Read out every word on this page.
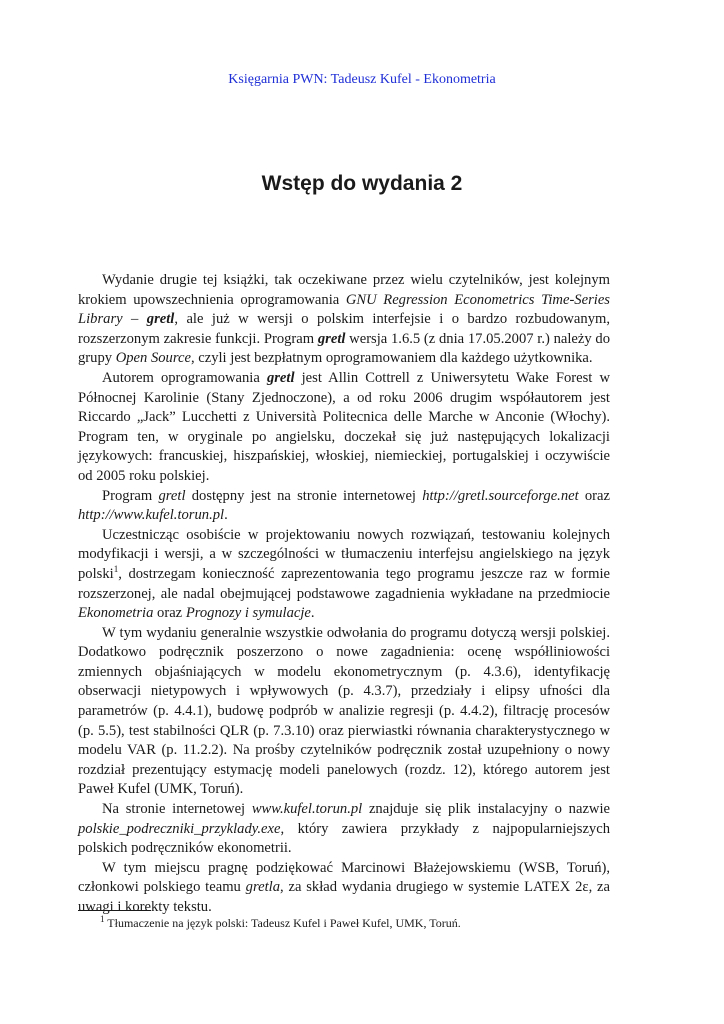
Księgarnia PWN: Tadeusz Kufel - Ekonometria
Wstęp do wydania 2

Wydanie drugie tej książki, tak oczekiwane przez wielu czytelników, jest kolejnym krokiem upowszechnienia oprogramowania GNU Regression Econometrics Time-Series Library – gretl, ale już w wersji o polskim interfejsie i o bardzo rozbudowanym, rozszerzonym zakresie funkcji. Program gretl wersja 1.6.5 (z dnia 17.05.2007 r.) należy do grupy Open Source, czyli jest bezpłatnym oprogramowaniem dla każdego użytkownika.

Autorem oprogramowania gretl jest Allin Cottrell z Uniwersytetu Wake Forest w Północnej Karolinie (Stany Zjednoczone), a od roku 2006 drugim współautorem jest Riccardo „Jack” Lucchetti z Università Politecnica delle Marche w Anconie (Włochy). Program ten, w oryginale po angielsku, doczekał się już następujących lokalizacji językowych: francuskiej, hiszpańskiej, włoskiej, niemieckiej, portugalskiej i oczywiście od 2005 roku polskiej.

Program gretl dostępny jest na stronie internetowej http://gretl.sourceforge.net oraz http://www.kufel.torun.pl.

Uczestnicząc osobiście w projektowaniu nowych rozwiązań, testowaniu kolejnych modyfikacji i wersji, a w szczególności w tłumaczeniu interfejsu angielskiego na język polski$^1$, dostrzegam konieczność zaprezentowania tego programu jeszcze raz w formie rozszerzonej, ale nadal obejmującej podstawowe zagadnienia wykładane na przedmiocie Ekonometria oraz Prognozy i symulacje.

W tym wydaniu generalnie wszystkie odwołania do programu dotyczą wersji polskiej. Dodatkowo podręcznik poszerzono o nowe zagadnienia: ocenę współliniowości zmiennych objaśniających w modelu ekonometrycznym (p. 4.3.6), identyfikację obserwacji nietypowych i wpływowych (p. 4.3.7), przedziały i elipsy ufności dla parametrów (p. 4.4.1), budowę podprób w analizie regresji (p. 4.4.2), filtrację procesów (p. 5.5), test stabilności QLR (p. 7.3.10) oraz pierwiastki równania charakterystycznego w modelu VAR (p. 11.2.2). Na prośby czytelników podręcznik został uzupełniony o nowy rozdział prezentujący estymację modeli panelowych (rozdz. 12), którego autorem jest Paweł Kufel (UMK, Toruń).

Na stronie internetowej www.kufel.torun.pl znajduje się plik instalacyjny o nazwie polskie_podreczniki_przyklady.exe, który zawiera przykłady z najpopularniejszych polskich podręczników ekonometrii.

W tym miejscu pragnę podziękować Marcinowi Błażejowskiemu (WSB, Toruń), członkowi polskiego teamu gretla, za skład wydania drugiego w systemie LATEX 2ε, za uwagi i korekty tekstu.

$^1$ Tłumaczenie na język polski: Tadeusz Kufel i Paweł Kufel, UMK, Toruń.
